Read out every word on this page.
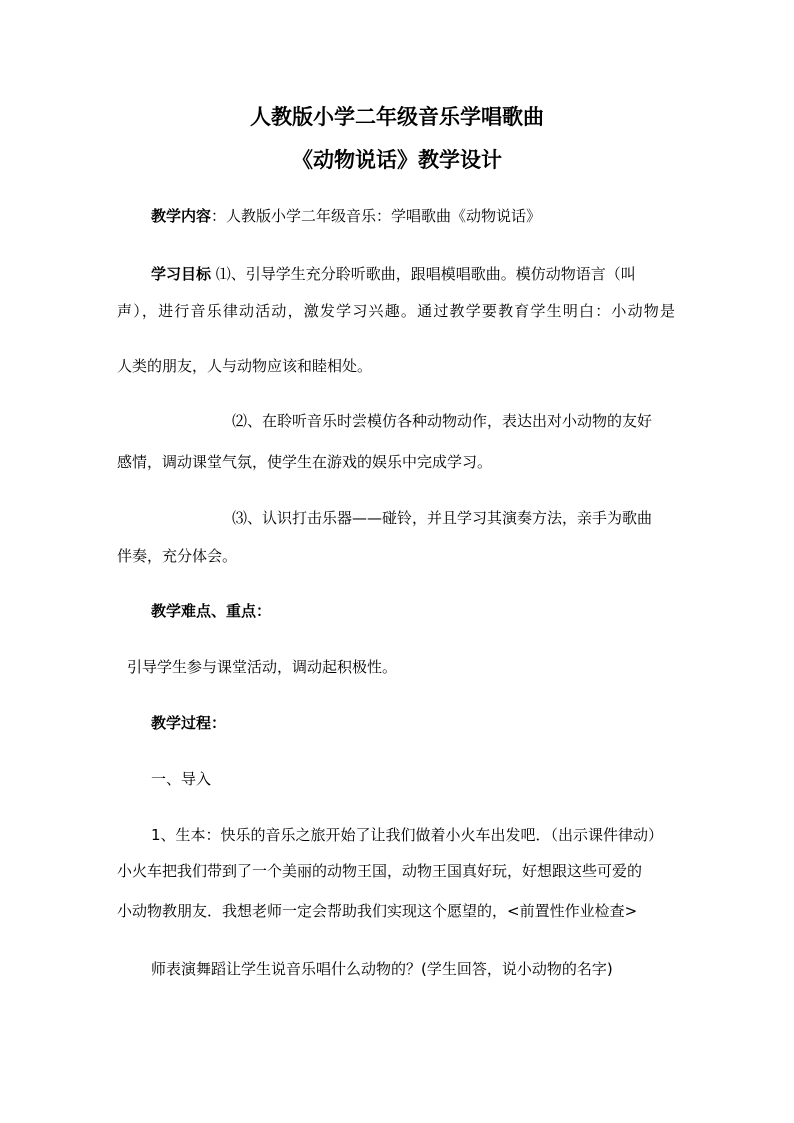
人教版小学二年级音乐学唱歌曲
《动物说话》教学设计
教学内容：人教版小学二年级音乐：学唱歌曲《动物说话》
学习目标 ⑴、引导学生充分聆听歌曲，跟唱模唱歌曲。模仿动物语言（叫
声），进行音乐律动活动，激发学习兴趣。通过教学要教育学生明白：小动物是
人类的朋友，人与动物应该和睦相处。
⑵、在聆听音乐时尝模仿各种动物动作，表达出对小动物的友好
感情，调动课堂气氛，使学生在游戏的娱乐中完成学习。
⑶、认识打击乐器——碰铃，并且学习其演奏方法，亲手为歌曲
伴奏，充分体会。
教学难点、重点：
引导学生参与课堂活动，调动起积极性。
教学过程：
一、导入
1、生本：快乐的音乐之旅开始了让我们做着小火车出发吧．（出示课件律动）
小火车把我们带到了一个美丽的动物王国，动物王国真好玩，好想跟这些可爱的
小动物教朋友．我想老师一定会帮助我们实现这个愿望的，<前置性作业检查>
师表演舞蹈让学生说音乐唱什么动物的？(学生回答，说小动物的名字)
